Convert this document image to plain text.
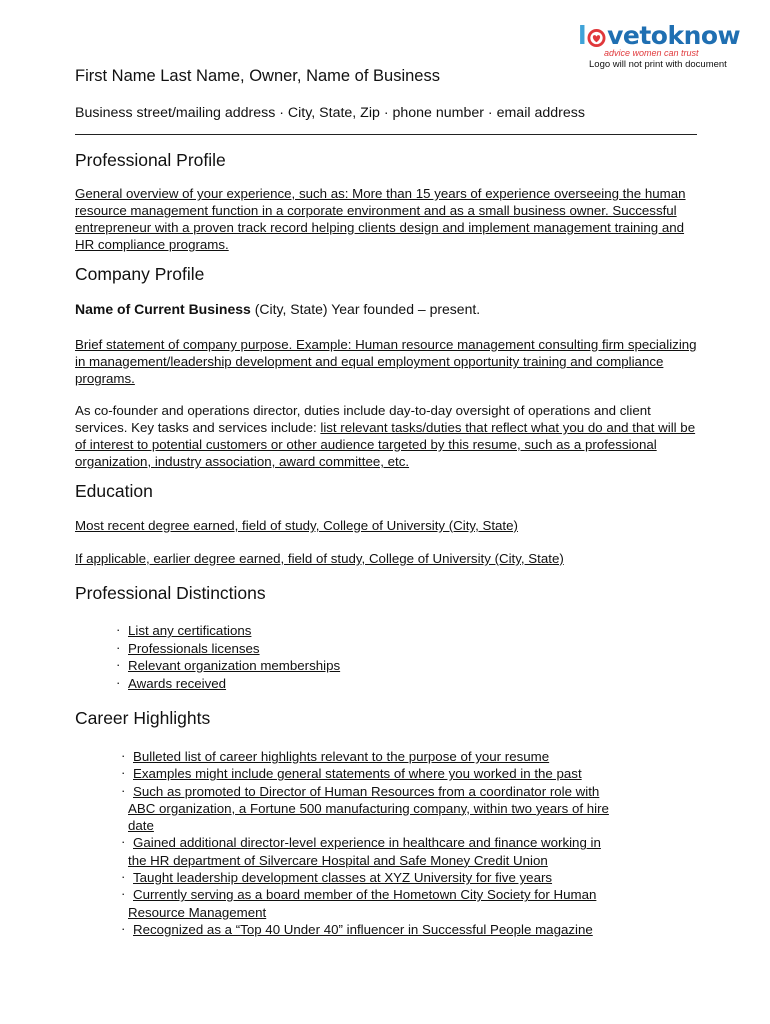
l vetoknow
advice women can trust
Logo will not print with document
First Name Last Name, Owner, Name of Business
Business street/mailing address · City, State, Zip · phone number · email address
Professional Profile
General overview of your experience, such as: More than 15 years of experience overseeing the human resource management function in a corporate environment and as a small business owner. Successful entrepreneur with a proven track record helping clients design and implement management training and HR compliance programs.
Company Profile
Name of Current Business (City, State) Year founded – present.
Brief statement of company purpose. Example: Human resource management consulting firm specializing in management/leadership development and equal employment opportunity training and compliance programs.
As co-founder and operations director, duties include day-to-day oversight of operations and client services. Key tasks and services include: list relevant tasks/duties that reflect what you do and that will be of interest to potential customers or other audience targeted by this resume, such as a professional organization, industry association, award committee, etc.
Education
Most recent degree earned, field of study, College of University (City, State)
If applicable, earlier degree earned, field of study, College of University (City, State)
Professional Distinctions
· List any certifications
· Professionals licenses
· Relevant organization memberships
· Awards received
Career Highlights
· Bulleted list of career highlights relevant to the purpose of your resume
· Examples might include general statements of where you worked in the past
· Such as promoted to Director of Human Resources from a coordinator role with ABC organization, a Fortune 500 manufacturing company, within two years of hire date
· Gained additional director-level experience in healthcare and finance working in the HR department of Silvercare Hospital and Safe Money Credit Union
· Taught leadership development classes at XYZ University for five years
· Currently serving as a board member of the Hometown City Society for Human Resource Management
· Recognized as a “Top 40 Under 40” influencer in Successful People magazine
